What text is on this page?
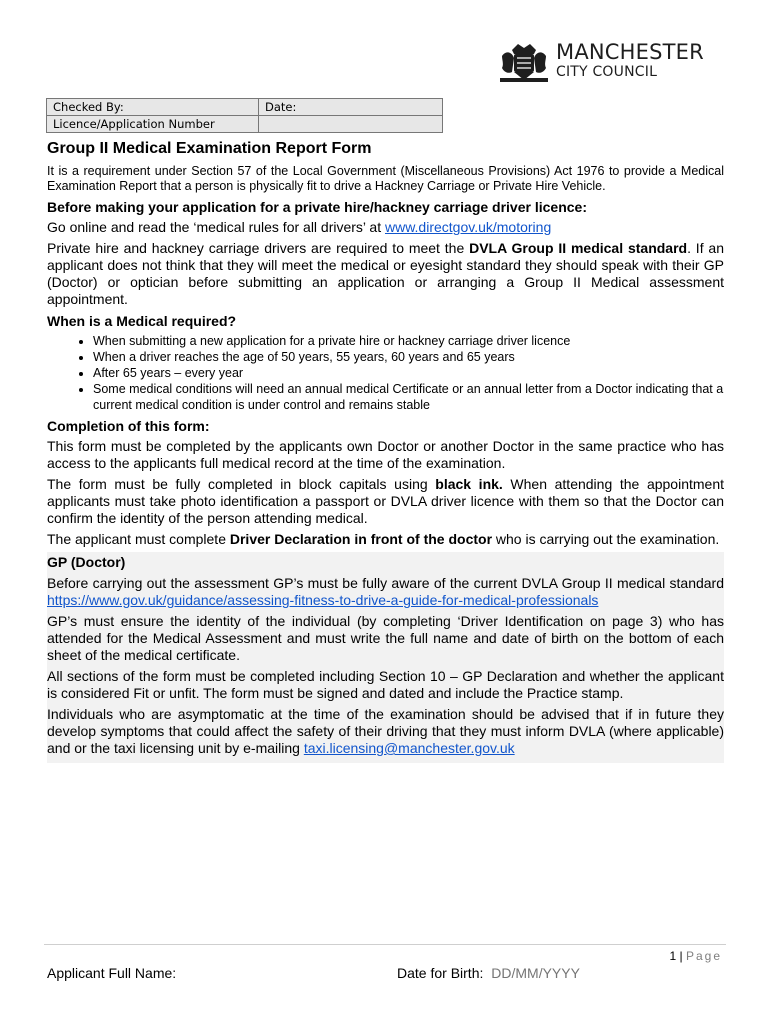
MANCHESTER
CITY COUNCIL
Checked By:	Date:
Licence/Application Number	
Group II Medical Examination Report Form

It is a requirement under Section 57 of the Local Government (Miscellaneous Provisions) Act 1976 to provide a Medical Examination Report that a person is physically fit to drive a Hackney Carriage or Private Hire Vehicle.

Before making your application for a private hire/hackney carriage driver licence:

Go online and read the ‘medical rules for all drivers’ at www.directgov.uk/motoring

Private hire and hackney carriage drivers are required to meet the DVLA Group II medical standard. If an applicant does not think that they will meet the medical or eyesight standard they should speak with their GP (Doctor) or optician before submitting an application or arranging a Group II Medical assessment appointment.

When is a Medical required?

• When submitting a new application for a private hire or hackney carriage driver licence
• When a driver reaches the age of 50 years, 55 years, 60 years and 65 years
• After 65 years – every year
• Some medical conditions will need an annual medical Certificate or an annual letter from a Doctor indicating that a current medical condition is under control and remains stable

Completion of this form:

This form must be completed by the applicants own Doctor or another Doctor in the same practice who has access to the applicants full medical record at the time of the examination.

The form must be fully completed in block capitals using black ink. When attending the appointment applicants must take photo identification a passport or DVLA driver licence with them so that the Doctor can confirm the identity of the person attending medical.

The applicant must complete Driver Declaration in front of the doctor who is carrying out the examination.

GP (Doctor)

Before carrying out the assessment GP’s must be fully aware of the current DVLA Group II medical standard https://www.gov.uk/guidance/assessing-fitness-to-drive-a-guide-for-medical-professionals

GP’s must ensure the identity of the individual (by completing ‘Driver Identification on page 3) who has attended for the Medical Assessment and must write the full name and date of birth on the bottom of each sheet of the medical certificate.

All sections of the form must be completed including Section 10 – GP Declaration and whether the applicant is considered Fit or unfit. The form must be signed and dated and include the Practice stamp.

Individuals who are asymptomatic at the time of the examination should be advised that if in future they develop symptoms that could affect the safety of their driving that they must inform DVLA (where applicable) and or the taxi licensing unit by e-mailing taxi.licensing@manchester.gov.uk

1 | Page
Applicant Full Name:	Date for Birth: DD/MM/YYYY
